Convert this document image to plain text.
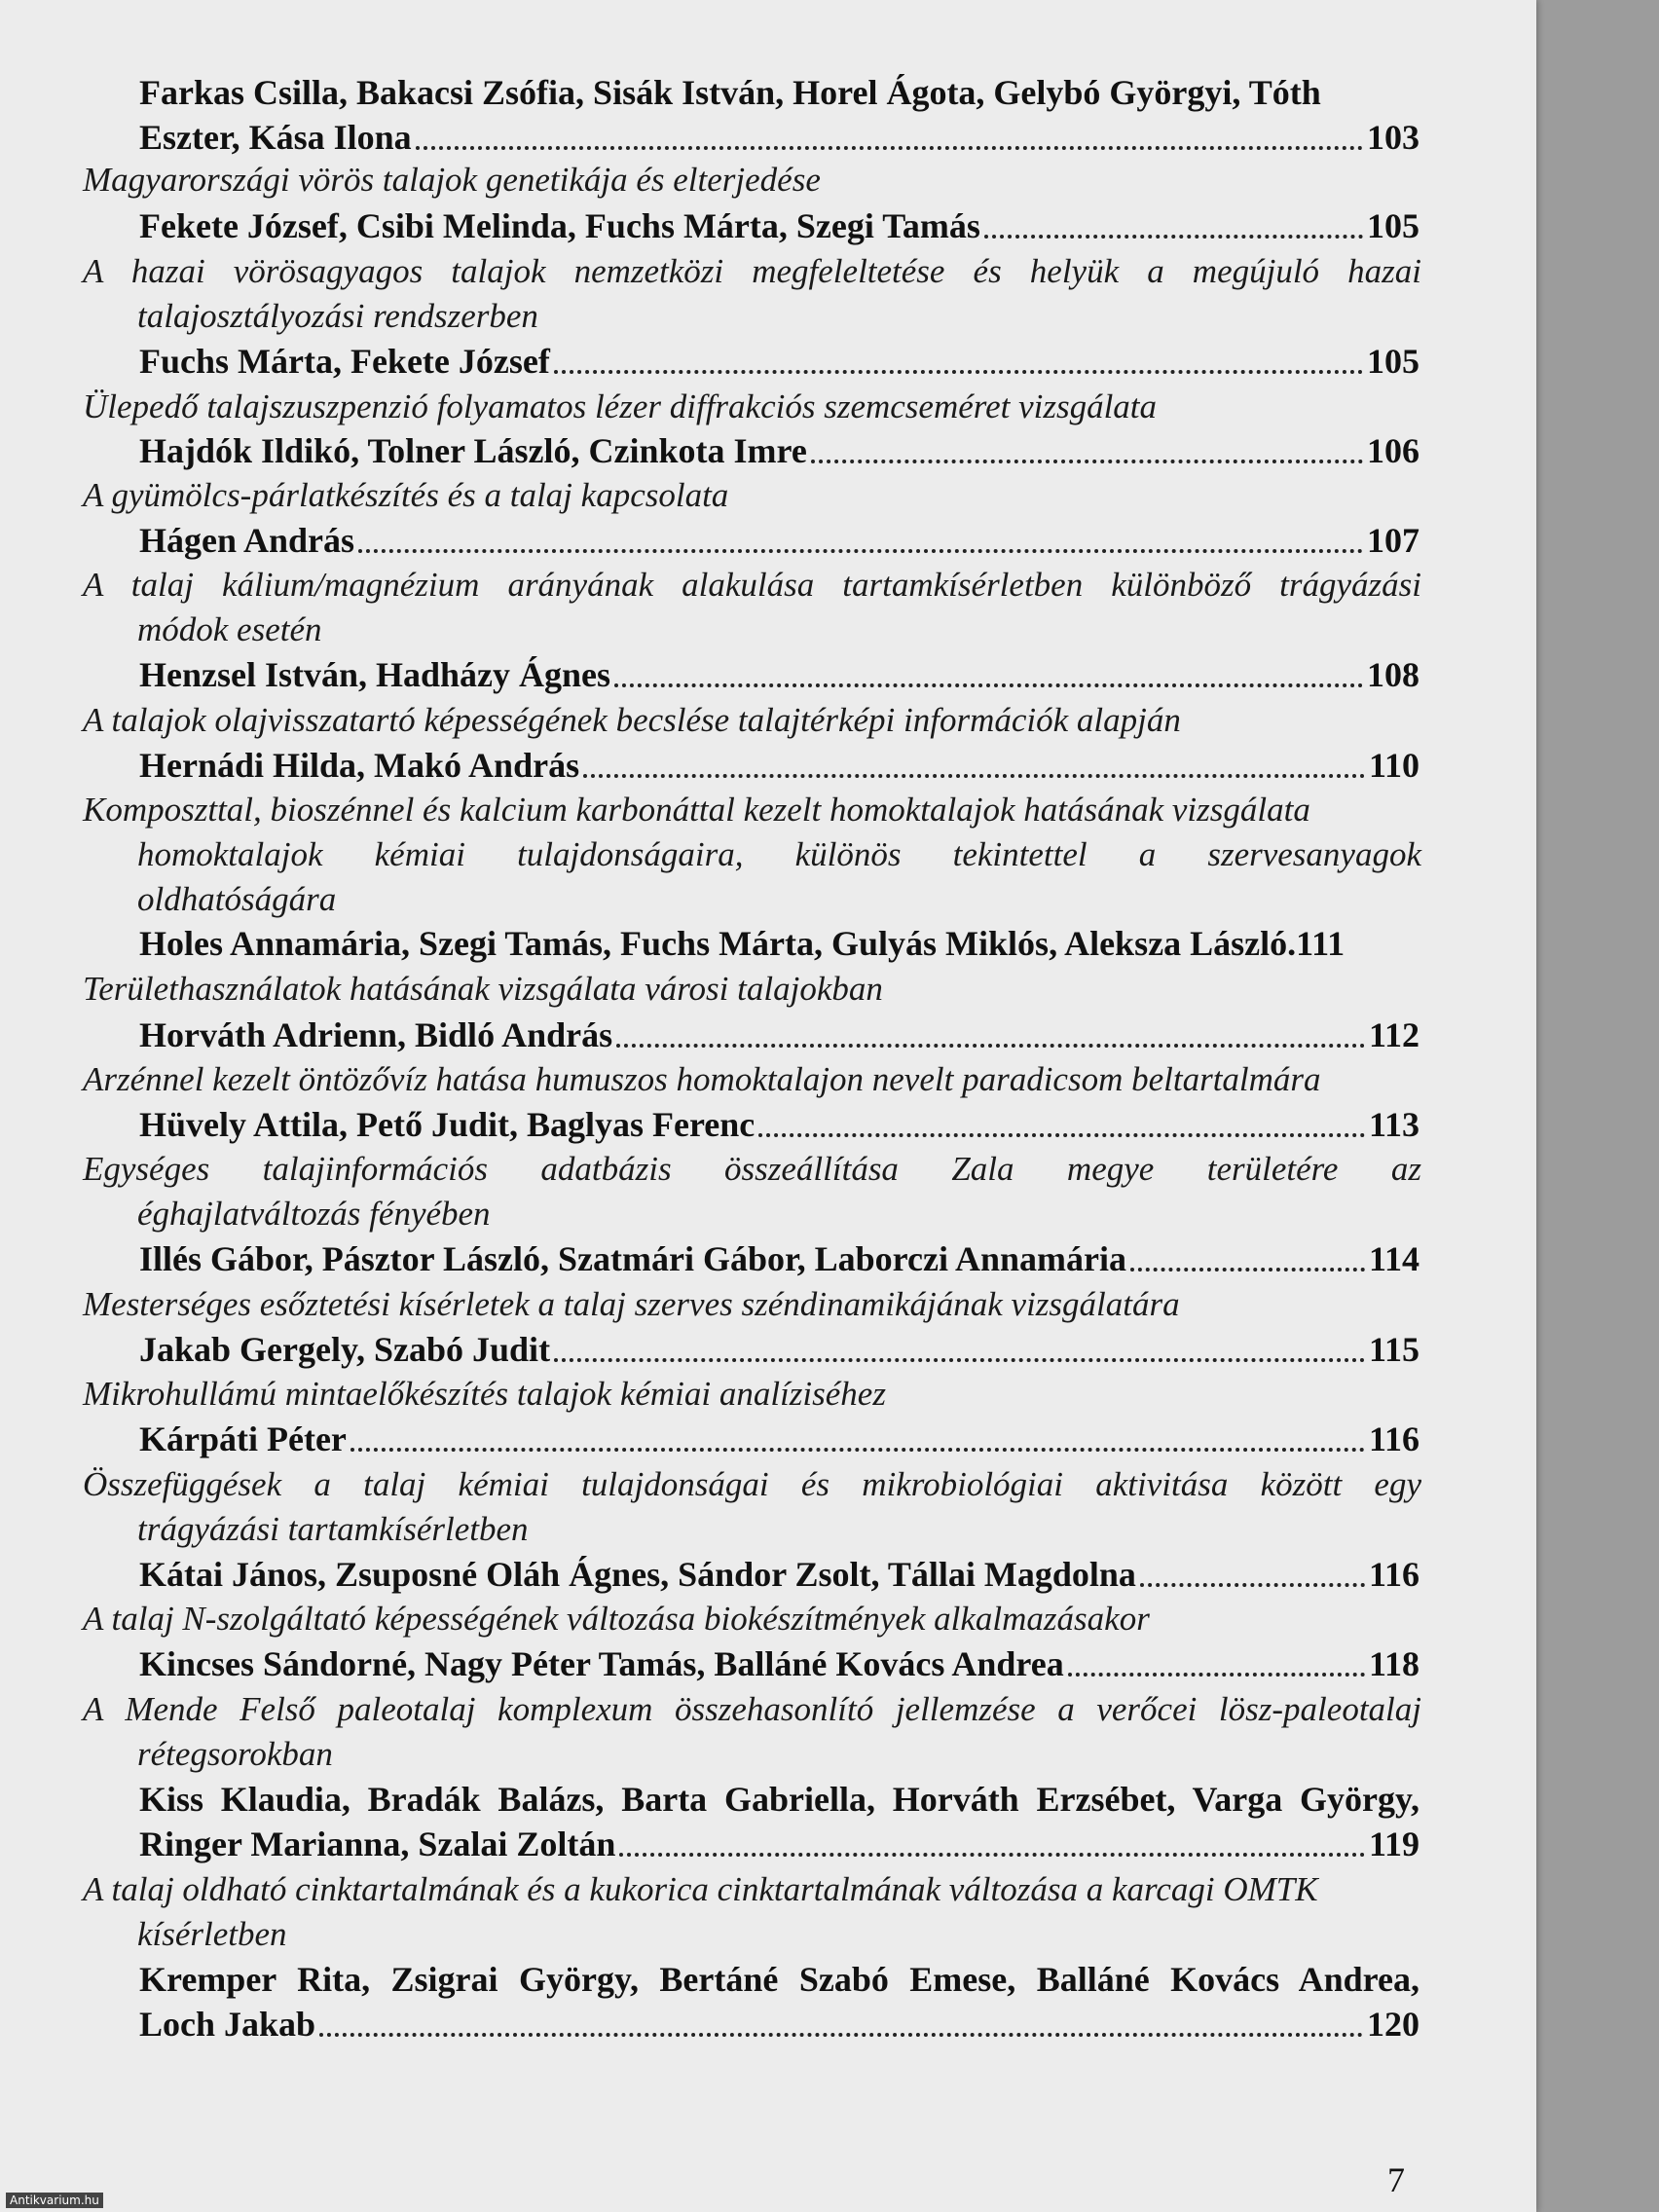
Farkas Csilla, Bakacsi Zsófia, Sisák István, Horel Ágota, Gelybó Györgyi, Tóth
Eszter, Kása Ilona	103
Magyarországi vörös talajok genetikája és elterjedése
Fekete József, Csibi Melinda, Fuchs Márta, Szegi Tamás	105
A hazai vörösagyagos talajok nemzetközi megfeleltetése és helyük a megújuló hazai
talajosztályozási rendszerben
Fuchs Márta, Fekete József	105
Ülepedő talajszuszpenzió folyamatos lézer diffrakciós szemcseméret vizsgálata
Hajdók Ildikó, Tolner László, Czinkota Imre	106
A gyümölcs-párlatkészítés és a talaj kapcsolata
Hágen András	107
A talaj kálium/magnézium arányának alakulása tartamkísérletben különböző trágyázási
módok esetén
Henzsel István, Hadházy Ágnes	108
A talajok olajvisszatartó képességének becslése talajtérképi információk alapján
Hernádi Hilda, Makó András	110
Komposzttal, bioszénnel és kalcium karbonáttal kezelt homoktalajok hatásának vizsgálata
homoktalajok kémiai tulajdonságaira, különös tekintettel a szervesanyagok
oldhatóságára
Holes Annamária, Szegi Tamás, Fuchs Márta, Gulyás Miklós, Aleksza László. 111
Területhasználatok hatásának vizsgálata városi talajokban
Horváth Adrienn, Bidló András	112
Arzénnel kezelt öntözővíz hatása humuszos homoktalajon nevelt paradicsom beltartalmára
Hüvely Attila, Pető Judit, Baglyas Ferenc	113
Egységes talajinformációs adatbázis összeállítása Zala megye területére az
éghajlatváltozás fényében
Illés Gábor, Pásztor László, Szatmári Gábor, Laborczi Annamária	114
Mesterséges esőztetési kísérletek a talaj szerves széndinamikájának vizsgálatára
Jakab Gergely, Szabó Judit	115
Mikrohullámú mintaelőkészítés talajok kémiai analíziséhez
Kárpáti Péter	116
Összefüggések a talaj kémiai tulajdonságai és mikrobiológiai aktivitása között egy
trágyázási tartamkísérletben
Kátai János, Zsuposné Oláh Ágnes, Sándor Zsolt, Tállai Magdolna	116
A talaj N-szolgáltató képességének változása biokészítmények alkalmazásakor
Kincses Sándorné, Nagy Péter Tamás, Balláné Kovács Andrea	118
A Mende Felső paleotalaj komplexum összehasonlító jellemzése a verőcei lösz-paleotalaj
rétegsorokban
Kiss Klaudia, Bradák Balázs, Barta Gabriella, Horváth Erzsébet, Varga György,
Ringer Marianna, Szalai Zoltán	119
A talaj oldható cinktartalmának és a kukorica cinktartalmának változása a karcagi OMTK
kísérletben
Kremper Rita, Zsigrai György, Bertáné Szabó Emese, Balláné Kovács Andrea,
Loch Jakab	120
7
Antikvarium.hu
